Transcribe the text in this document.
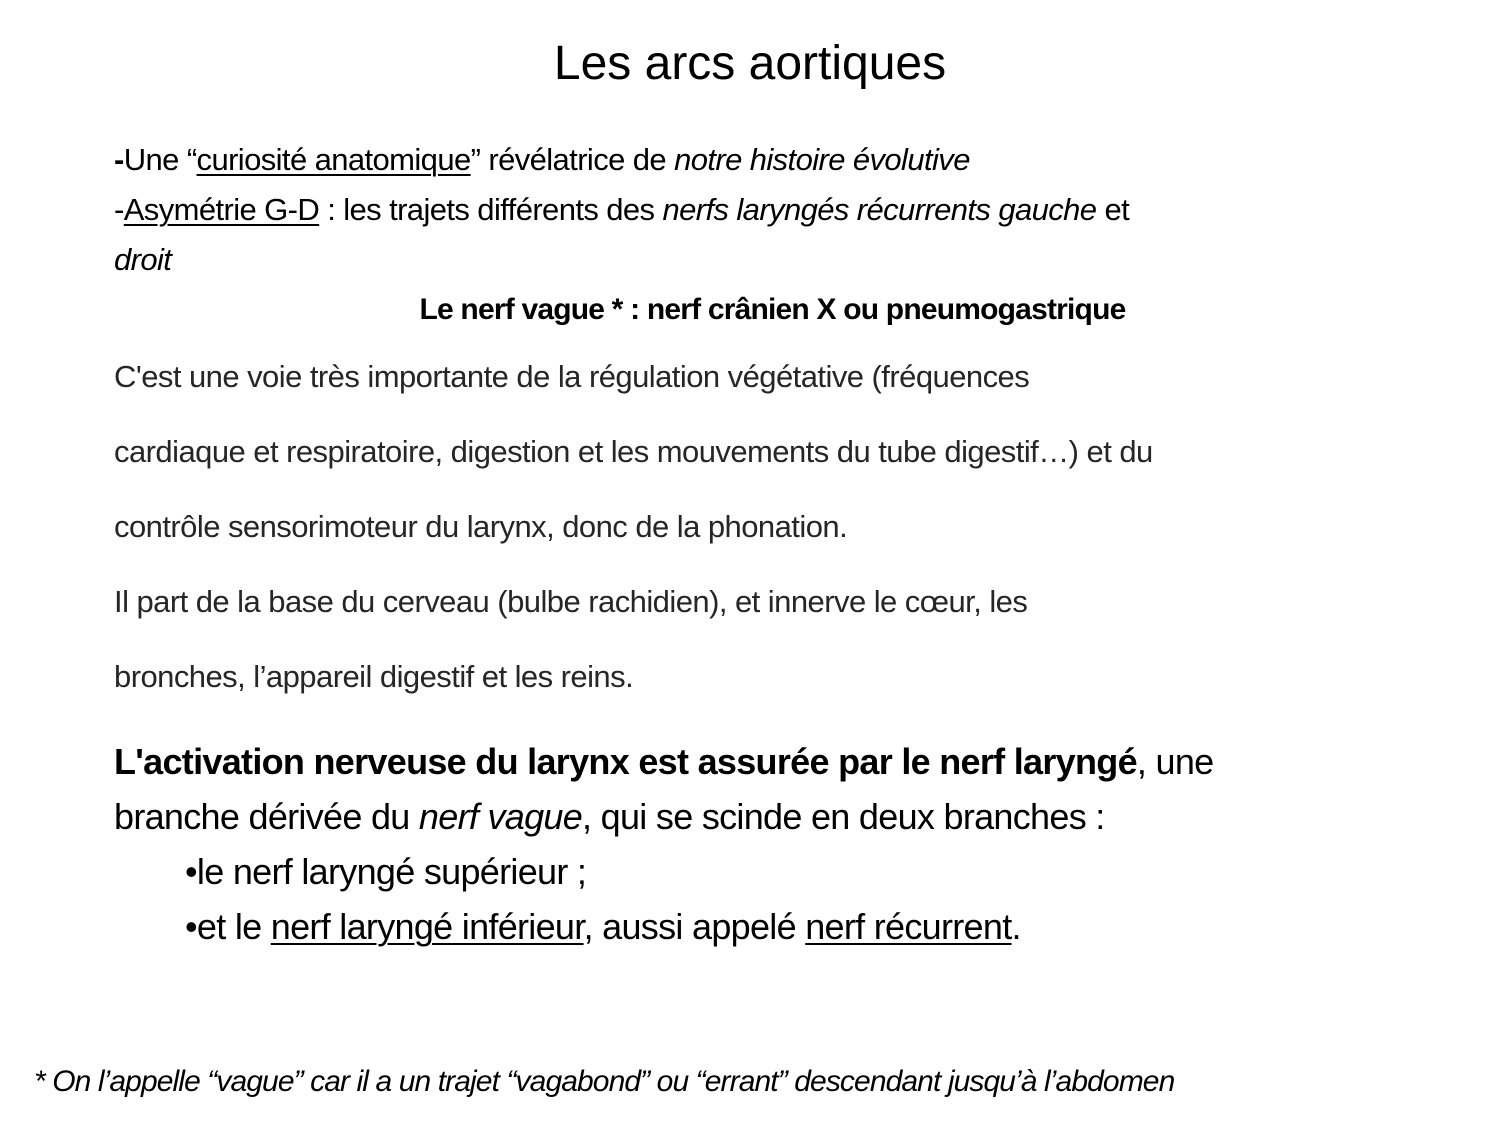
Les arcs aortiques
-Une “curiosité anatomique” révélatrice de notre histoire évolutive
-Asymétrie G-D : les trajets différents des nerfs laryngés récurrents gauche et
droit
Le nerf vague * : nerf crânien X ou pneumogastrique
C'est une voie très importante de la régulation végétative (fréquences
cardiaque et respiratoire, digestion et les mouvements du tube digestif…) et du
contrôle sensorimoteur du larynx, donc de la phonation.
Il part de la base du cerveau (bulbe rachidien), et innerve le cœur, les
bronches, l’appareil digestif et les reins.
L'activation nerveuse du larynx est assurée par le nerf laryngé, une
branche dérivée du nerf vague, qui se scinde en deux branches :
•le nerf laryngé supérieur ;
•et le nerf laryngé inférieur, aussi appelé nerf récurrent.
* On l’appelle “vague” car il a un trajet “vagabond” ou “errant” descendant jusqu’à l’abdomen
